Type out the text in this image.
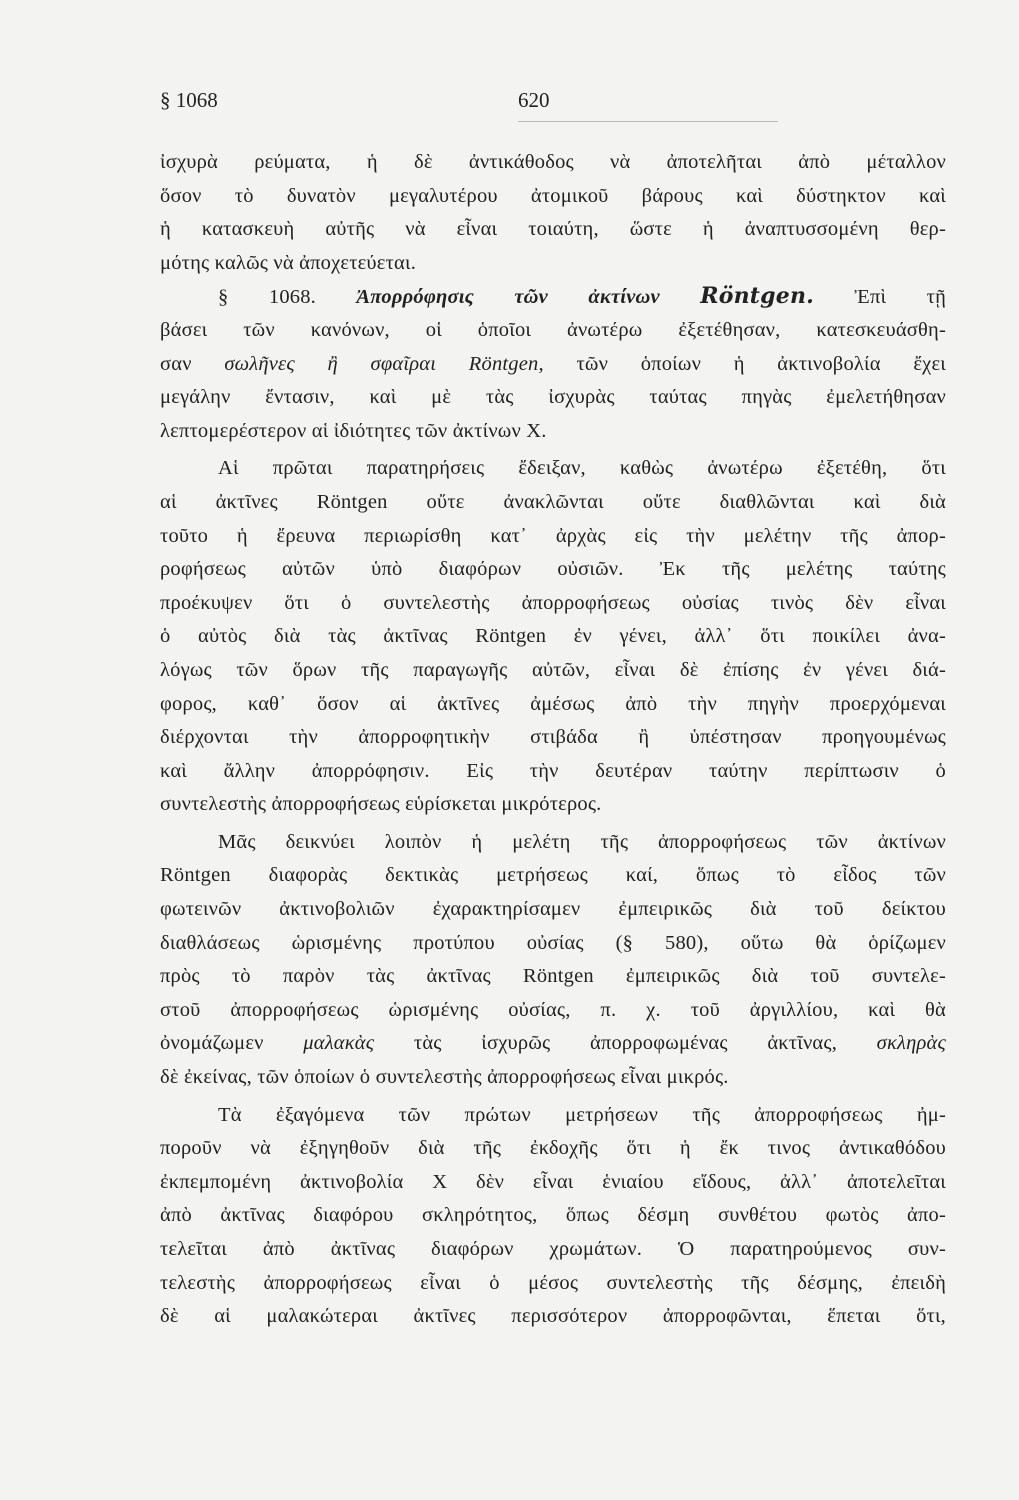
§ 1068	620
ἰσχυρὰ ρεύματα, ἡ δὲ ἀντικάθοδος νὰ ἀποτελῆται ἀπὸ μέταλλον
ὅσον τὸ δυνατὸν μεγαλυτέρου ἀτομικοῦ βάρους καὶ δύστηκτον καὶ
ἡ κατασκευὴ αὐτῆς νὰ εἶναι τοιαύτη, ὥστε ἡ ἀναπτυσσομένη θερ-
μότης καλῶς νὰ ἀποχετεύεται.
§ 1068. Ἀπορρόφησις τῶν ἀκτίνων Röntgen. Ἐπὶ τῇ
βάσει τῶν κανόνων, οἱ ὁποῖοι ἀνωτέρω ἐξετέθησαν, κατεσκευάσθη-
σαν σωλῆνες ἢ σφαῖραι Röntgen, τῶν ὁποίων ἡ ἀκτινοβολία ἔχει
μεγάλην ἔντασιν, καὶ μὲ τὰς ἰσχυρὰς ταύτας πηγὰς ἐμελετήθησαν
λεπτομερέστερον αἱ ἰδιότητες τῶν ἀκτίνων Χ.
Αἱ πρῶται παρατηρήσεις ἔδειξαν, καθὼς ἀνωτέρω ἐξετέθη, ὅτι
αἱ ἀκτῖνες Röntgen οὔτε ἀνακλῶνται οὔτε διαθλῶνται καὶ διὰ
τοῦτο ἡ ἔρευνα περιωρίσθη κατ᾽ ἀρχὰς εἰς τὴν μελέτην τῆς ἀπορ-
ροφήσεως αὐτῶν ὑπὸ διαφόρων οὐσιῶν. Ἐκ τῆς μελέτης ταύτης
προέκυψεν ὅτι ὁ συντελεστὴς ἀπορροφήσεως οὐσίας τινὸς δὲν εἶναι
ὁ αὐτὸς διὰ τὰς ἀκτῖνας Röntgen ἐν γένει, ἀλλ᾽ ὅτι ποικίλει ἀνα-
λόγως τῶν ὅρων τῆς παραγωγῆς αὐτῶν, εἶναι δὲ ἐπίσης ἐν γένει διά-
φορος, καθ᾽ ὅσον αἱ ἀκτῖνες ἀμέσως ἀπὸ τὴν πηγὴν προερχόμεναι
διέρχονται τὴν ἀπορροφητικὴν στιβάδα ἢ ὑπέστησαν προηγουμένως
καὶ ἄλλην ἀπορρόφησιν. Εἰς τὴν δευτέραν ταύτην περίπτωσιν ὁ
συντελεστὴς ἀπορροφήσεως εὑρίσκεται μικρότερος.
Μᾶς δεικνύει λοιπὸν ἡ μελέτη τῆς ἀπορροφήσεως τῶν ἀκτίνων
Röntgen διαφορὰς δεκτικὰς μετρήσεως καί, ὅπως τὸ εἶδος τῶν
φωτεινῶν ἀκτινοβολιῶν ἐχαρακτηρίσαμεν ἐμπειρικῶς διὰ τοῦ δείκτου
διαθλάσεως ὡρισμένης προτύπου οὐσίας (§ 580), οὕτω θὰ ὁρίζωμεν
πρὸς τὸ παρὸν τὰς ἀκτῖνας Röntgen ἐμπειρικῶς διὰ τοῦ συντελε-
στοῦ ἀπορροφήσεως ὡρισμένης οὐσίας, π. χ. τοῦ ἀργιλλίου, καὶ θὰ
ὀνομάζωμεν μαλακὰς τὰς ἰσχυρῶς ἀπορροφωμένας ἀκτῖνας, σκληρὰς
δὲ ἐκείνας, τῶν ὁποίων ὁ συντελεστὴς ἀπορροφήσεως εἶναι μικρός.
Τὰ ἐξαγόμενα τῶν πρώτων μετρήσεων τῆς ἀπορροφήσεως ἠμ-
ποροῦν νὰ ἐξηγηθοῦν διὰ τῆς ἐκδοχῆς ὅτι ἡ ἔκ τινος ἀντικαθόδου
ἐκπεμπομένη ἀκτινοβολία Χ δὲν εἶναι ἑνιαίου εἴδους, ἀλλ᾽ ἀποτελεῖται
ἀπὸ ἀκτῖνας διαφόρου σκληρότητος, ὅπως δέσμη συνθέτου φωτὸς ἀπο-
τελεῖται ἀπὸ ἀκτῖνας διαφόρων χρωμάτων. Ὁ παρατηρούμενος συν-
τελεστὴς ἀπορροφήσεως εἶναι ὁ μέσος συντελεστὴς τῆς δέσμης, ἐπειδὴ
δὲ αἱ μαλακώτεραι ἀκτῖνες περισσότερον ἀπορροφῶνται, ἕπεται ὅτι,
